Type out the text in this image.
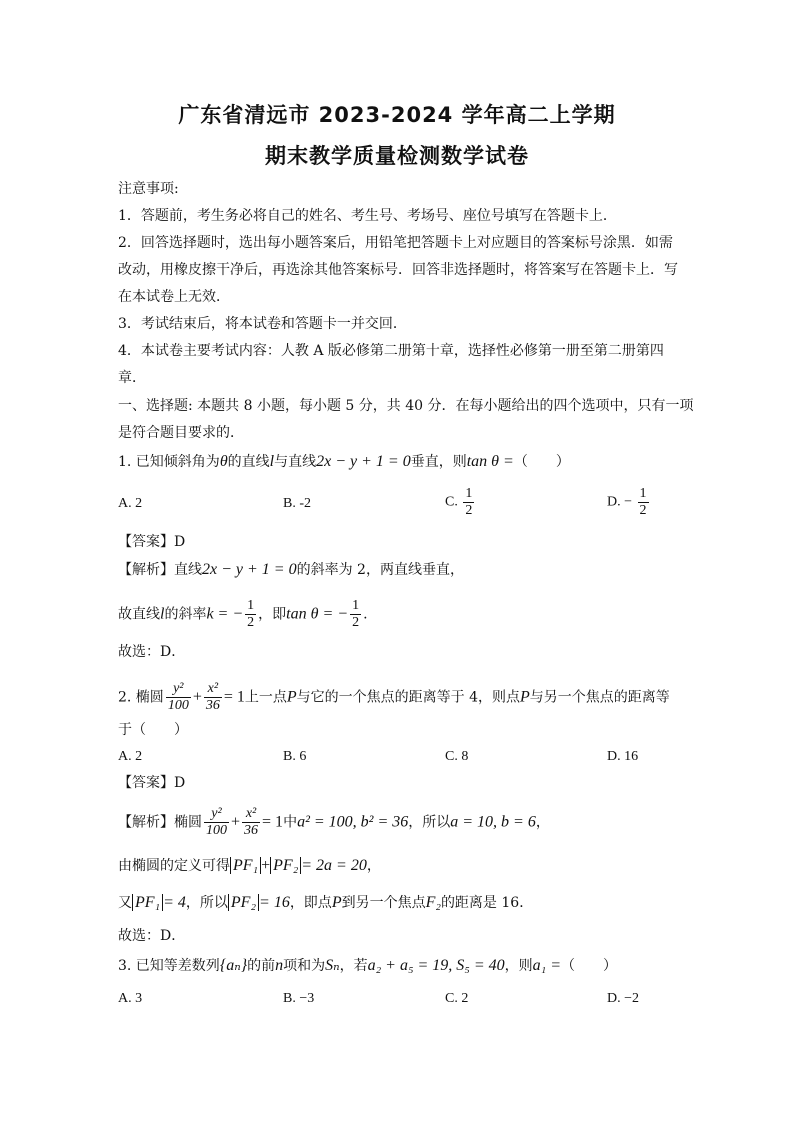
广东省清远市 2023-2024 学年高二上学期
期末教学质量检测数学试卷
注意事项:
1．答题前，考生务必将自己的姓名、考生号、考场号、座位号填写在答题卡上．
2．回答选择题时，选出每小题答案后，用铅笔把答题卡上对应题目的答案标号涂黑．如需
改动，用橡皮擦干净后，再选涂其他答案标号．回答非选择题时，将答案写在答题卡上．写
在本试卷上无效．
3．考试结束后，将本试卷和答题卡一并交回．
4．本试卷主要考试内容：人教 A 版必修第二册第十章，选择性必修第一册至第二册第四
章．
一、选择题: 本题共 8 小题，每小题 5 分，共 40 分．在每小题给出的四个选项中，只有一项
是符合题目要求的．
1. 已知倾斜角为θ的直线l与直线2x − y + 1 = 0垂直，则tan θ =（　　）
A. 2	B. -2	C. $\frac{1}{2}$	D. − $\frac{1}{2}$
【答案】D
【解析】直线2x − y + 1 = 0的斜率为 2，两直线垂直，
故直线l的斜率k = − $\frac{1}{2}$ ，即tan θ = − $\frac{1}{2}$ .
故选：D．
2. 椭圆 $\frac{\text{y²}}{100} + \frac{\text{x²}}{36} = 1$上一点P与它的一个焦点的距离等于 4，则点P与另一个焦点的距离等
于（　　）
A. 2	B. 6	C. 8	D. 16
【答案】D
【解析】椭圆 $\frac{\text{y²}}{100} + \frac{\text{x²}}{36} = 1$中a² = 100, b² = 36，所以a = 10, b = 6，
由椭圆的定义可得 PF₁ + PF₂ = 2a = 20，
又 PF₁ = 4，所以 PF₂ = 16，即点P到另一个焦点F₂的距离是 16．
故选：D．
3. 已知等差数列{aₙ}的前n项和为Sₙ，若a₂ + a₅ = 19, S₅ = 40，则a₁ =（　　）
A. 3	B. −3	C. 2	D. −2
